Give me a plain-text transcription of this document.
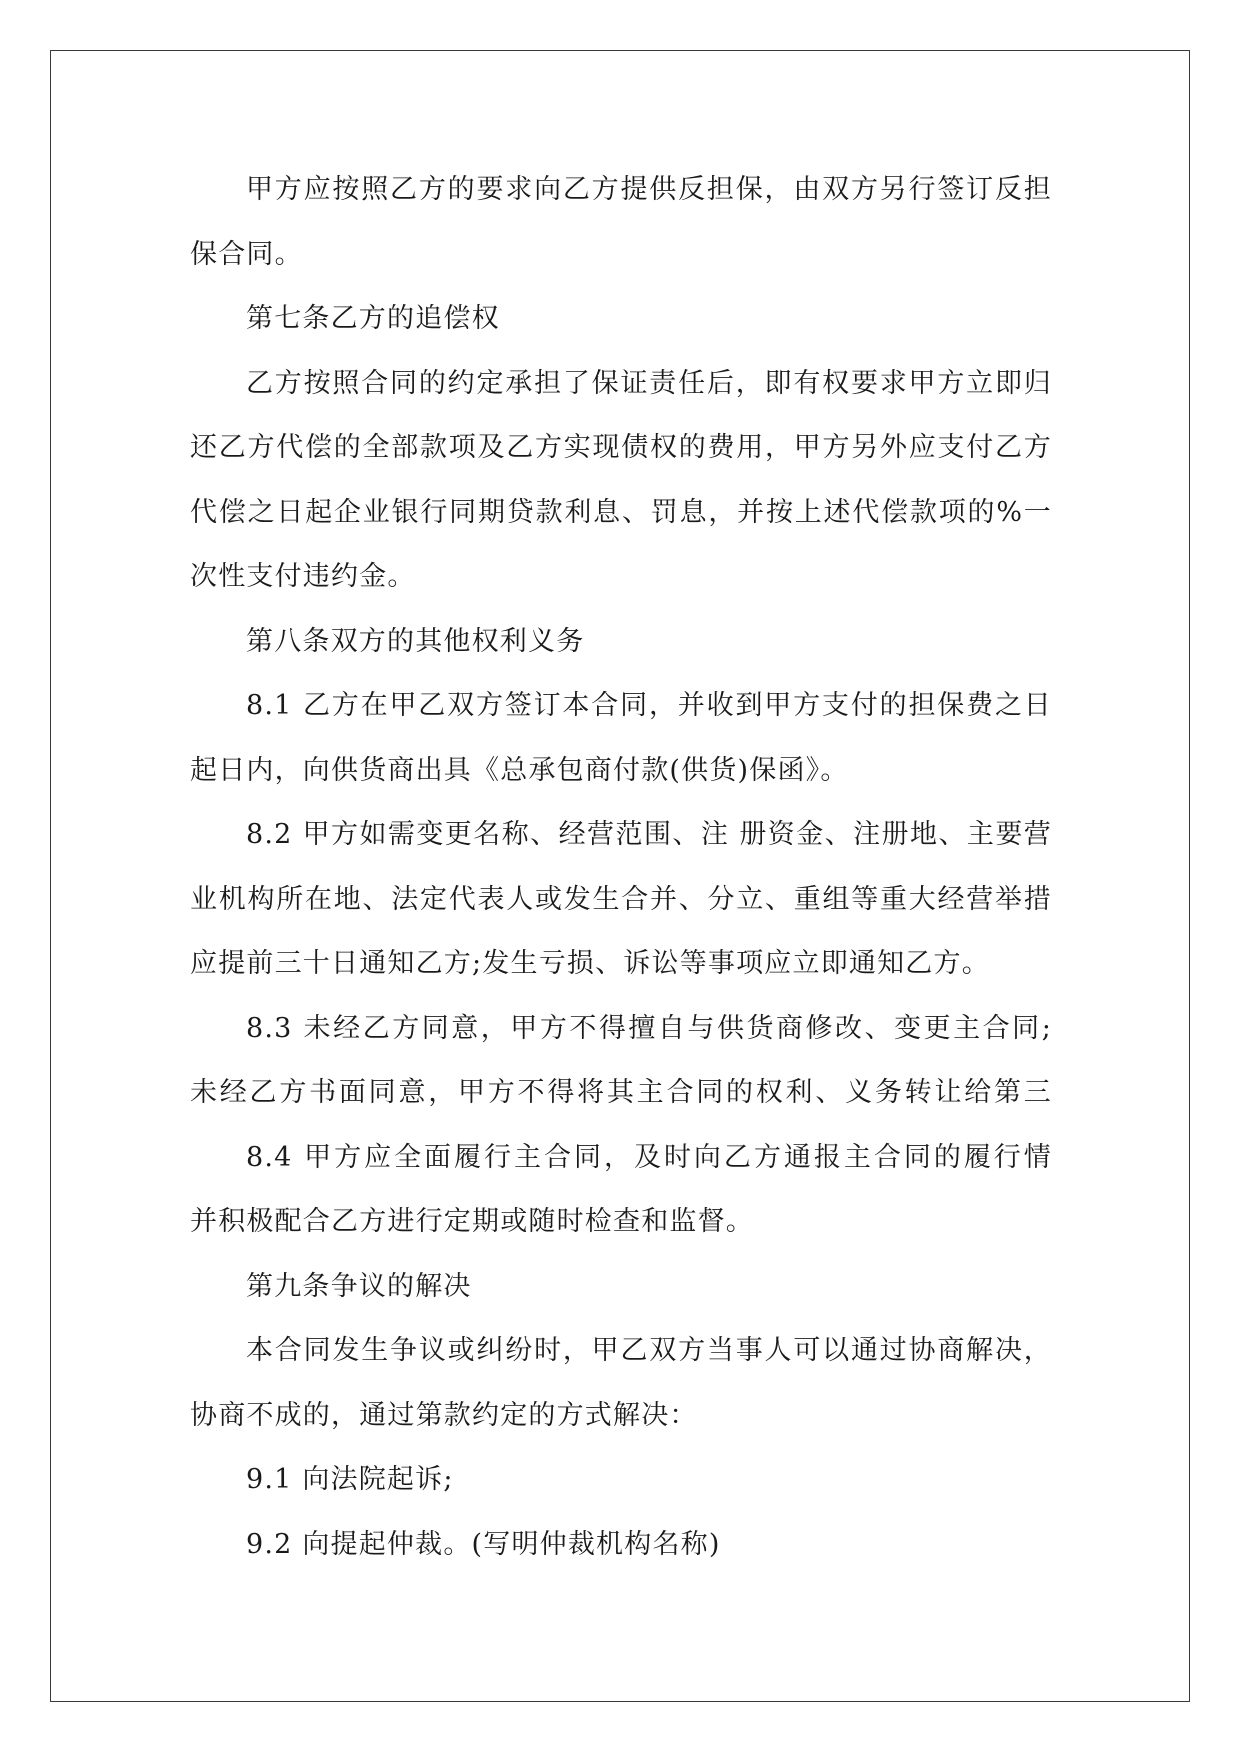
甲方应按照乙方的要求向乙方提供反担保，由双方另行签订反担
保合同。
第七条乙方的追偿权
乙方按照合同的约定承担了保证责任后，即有权要求甲方立即归
还乙方代偿的全部款项及乙方实现债权的费用，甲方另外应支付乙方
代偿之日起企业银行同期贷款利息、罚息，并按上述代偿款项的%一
次性支付违约金。
第八条双方的其他权利义务
8.1 乙方在甲乙双方签订本合同，并收到甲方支付的担保费之日
起日内，向供货商出具《总承包商付款(供货)保函》。
8.2 甲方如需变更名称、经营范围、注 册资金、注册地、主要营
业机构所在地、法定代表人或发生合并、分立、重组等重大经营举措
应提前三十日通知乙方;发生亏损、诉讼等事项应立即通知乙方。
8.3 未经乙方同意，甲方不得擅自与供货商修改、变更主合同;
未经乙方书面同意，甲方不得将其主合同的权利、义务转让给第三
8.4 甲方应全面履行主合同，及时向乙方通报主合同的履行情
并积极配合乙方进行定期或随时检查和监督。
第九条争议的解决
本合同发生争议或纠纷时，甲乙双方当事人可以通过协商解决，
协商不成的，通过第款约定的方式解决：
9.1 向法院起诉;
9.2 向提起仲裁。(写明仲裁机构名称)
